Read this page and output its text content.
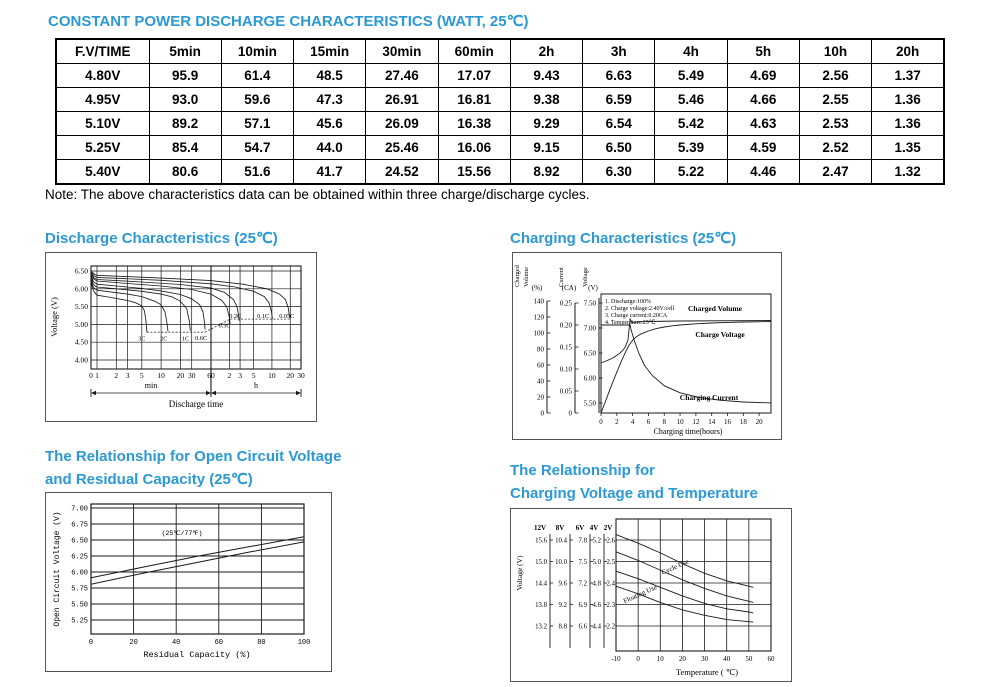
CONSTANT POWER DISCHARGE CHARACTERISTICS (WATT, 25℃)
F.V/TIME	5min	10min	15min	30min	60min	2h	3h	4h	5h	10h	20h
4.80V	95.9	61.4	48.5	27.46	17.07	9.43	6.63	5.49	4.69	2.56	1.37
4.95V	93.0	59.6	47.3	26.91	16.81	9.38	6.59	5.46	4.66	2.55	1.36
5.10V	89.2	57.1	45.6	26.09	16.38	9.29	6.54	5.42	4.63	2.53	1.36
5.25V	85.4	54.7	44.0	25.46	16.06	9.15	6.50	5.39	4.59	2.52	1.35
5.40V	80.6	51.6	41.7	24.52	15.56	8.92	6.30	5.22	4.46	2.47	1.32
Note: The above characteristics data can be obtained within three charge/discharge cycles.
Discharge Characteristics (25℃)
6.50
6.00
5.50
5.00
4.50
4.00
3C 2C 1C 0.6C
0.3C
0.2C	0.1C 0.05C
0 1 2 3 5 10 20 30 60 2 3 5 10 20 30
Voltage (V)
min	h
Discharge time
Charging Characteristics (25℃)
0
20
40
60
80
100
120
140
0
0.05
0.10
0.15
0.20
0.25
5.50
6.00
6.50
7.00
7.50
Charged Volume	Current	Voltage
(%)	(CA) (V)
1. Discharge:100%
2. Charge voltage:2.40V/cell
3. Charge current:0.20CA
4. Temperature:25℃
Charged Volume
Charge Voltage
Charging Current
0 2 4 6 8 10 12 14 16 18 20
Charging time(hours)
The Relationship for Open Circuit Voltage
and Residual Capacity (25℃)
7.00
6.75
6.50
6.25
6.00
5.75
5.50
5.25
(25℃/77℉)
0	20	40	60	80	100
Open Circuit Voltage (V)
Residual Capacity (%)
The Relationship for
Charging Voltage and Temperature
12V 8V 6V 4V 2V
15.6 10.4 7.8 5.2 2.6
15.0 10.0 7.5 5.0 2.5
14.4 9.6 7.2 4.8 2.4
13.8 9.2 6.9 4.6 2.3
13.2 8.8 6.6 4.4 2.2
Voltage (V)	Cycle Use
Floating Use
-10 0 10 20 30 40 50 60
Temperature ( ℃)
